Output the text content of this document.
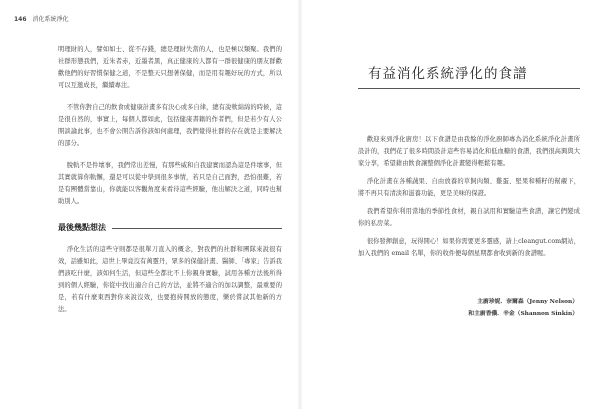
146 消化系統淨化

明理財的人，譬如如士、從不存錢，總是理財失當的人，也是極以類聚。我們的社群形態我們，近朱者赤，近墨者黑，真正健康的人都有一群很健康的朋友群歡歡他們的好習慣保健之道，不是整天只想著保健，而是用有趣好玩的方式，所以可以互邀成長，繼續專注。

不管你對自己的飲食或健康計畫多有決心或多自律，總有說軟綿綿的時候，這是很自然的，事實上，每個人都如此，包括健康書籍的作者們，但是若少有人公開談論此事，也不會公開告訴你該如何處理，我們覺得社群的存在就是主要解決的部分。

脫軌不是件壞事，我們常出差慢，有那些威和自我建實而認為這是件壞事，但其實就算你軌懈，還是可以從中學到很多事情，若只是自己面對，恐怕很難，若是有團體當靠山，你就能以客觀角度來看待這些經驗，他出解決之道，同時也幫助別人。

最後幾點想法

淨化生活的這些守則都是很單刀直入的概念，對我們的社群和團隊來說很有效，話雖如此，這世上畢竟沒有萬靈丹，眾多的保健計畫、醫師、「專家」告訴我們該吃什麼，該如何生活，但這些全都比不上你親身實驗，試用各種方法後所得到的個人經驗，你從中找出適合自己的方法，並將不適合的加以調整，最重要的是，若有什麼東西對你來說沒效，也要抱持開放的態度，樂於嘗試其他新的方法。

有益消化系統淨化的食譜

歡迎來到淨化廚房！以下食譜是由我餘的淨化廚師專為消化系統淨化計畫所設計的，我們花了很多時間設計這些容易消化和低血糖的食譜，我們很高興與大家分享，希望藉由飲食讓整個淨化計畫變得輕鬆有趣。

淨化計畫在各種蔬果、自由放養的草飼肉類、雞蛋、堅果和種籽的幫襯下，將不再只有清淡和滋養功能，更是美味的保證。

我們希望你利用當地的季節性食材，親自試用和實驗這些食譜，讓它們變成你的私房菜。

很你發揮創意，玩得開心！如果你需要更多靈感，請上cleangut.com網站，加入我們的 email 名單，你的收件便每個星期都會收到新的食譜喔。

主廚珍妮．奈爾森（Jenny Nelson）
和主廚香儂．辛金（Shannon Sinkin）
